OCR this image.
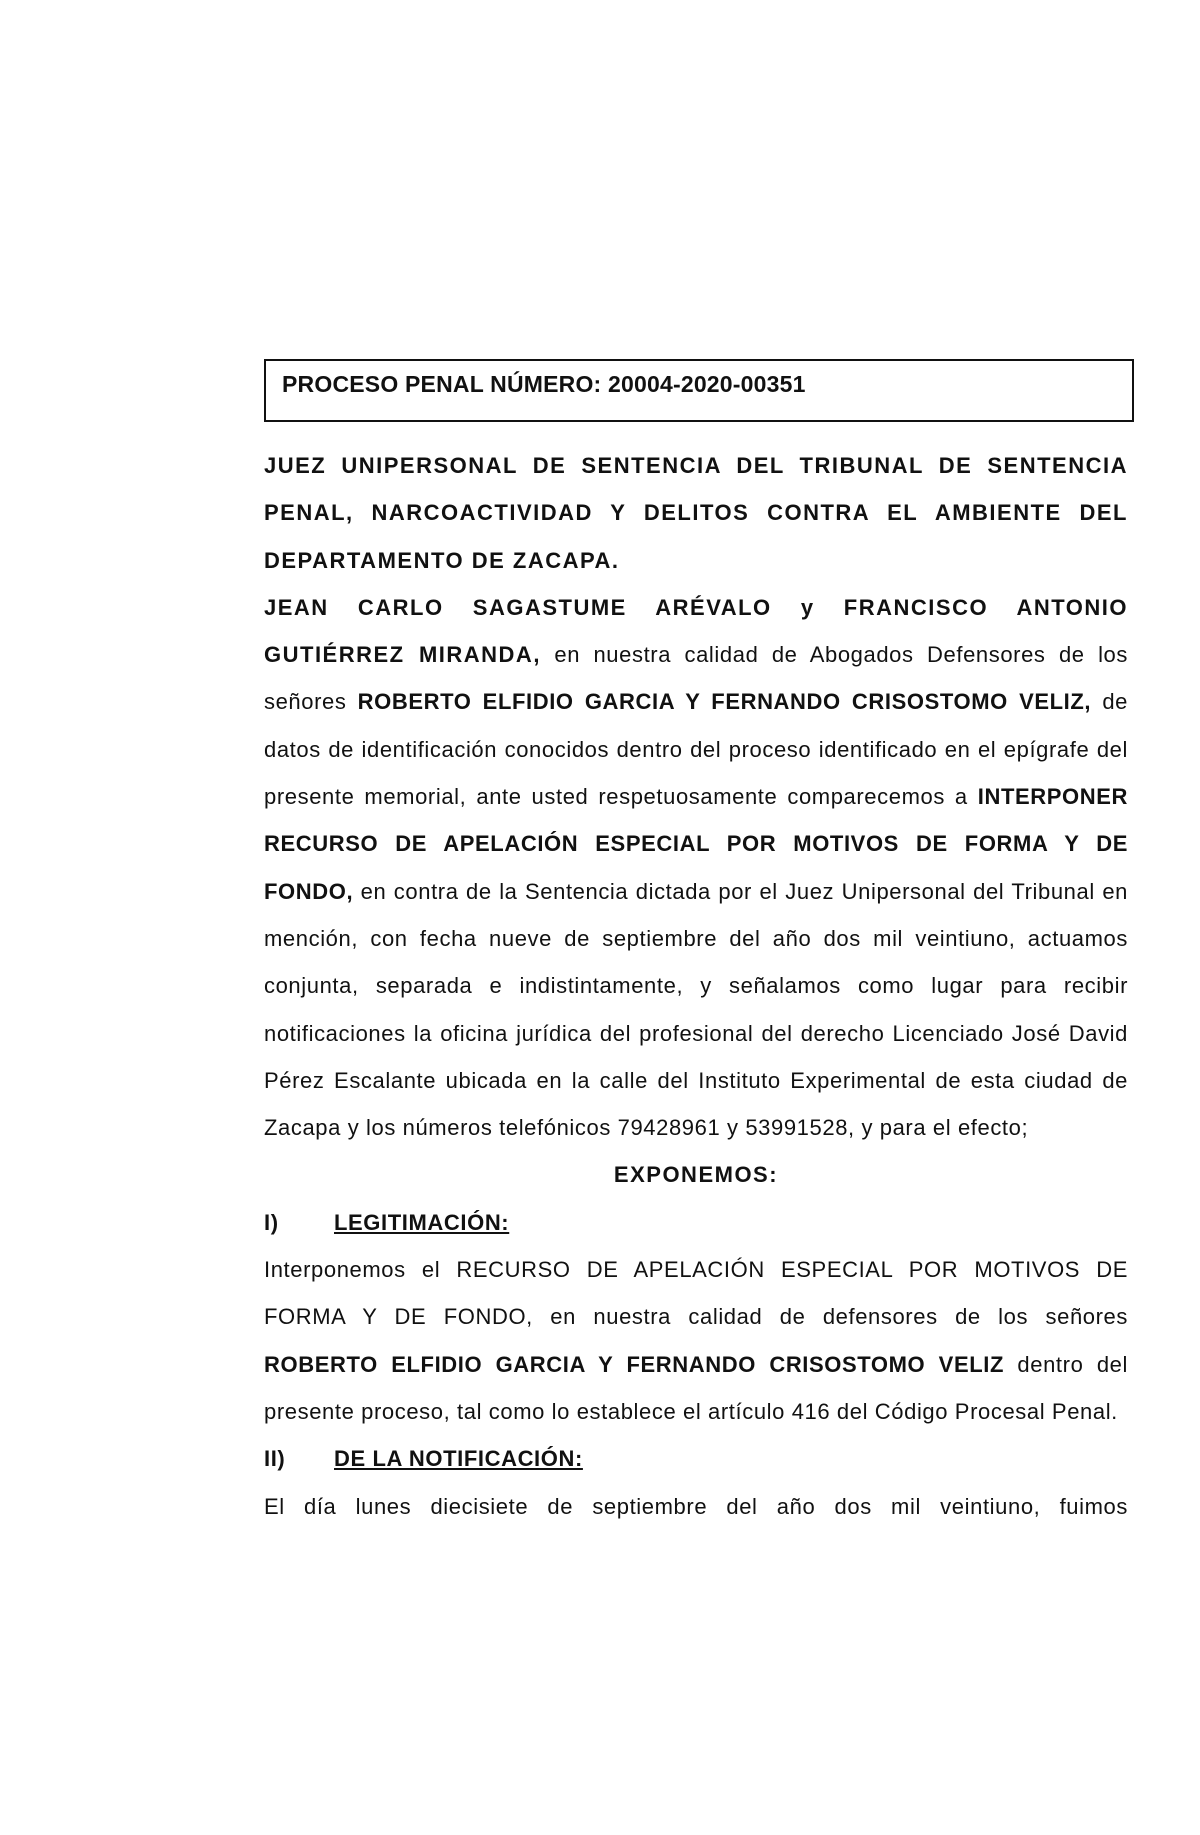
PROCESO PENAL NÚMERO: 20004-2020-00351

JUEZ UNIPERSONAL DE SENTENCIA DEL TRIBUNAL DE SENTENCIA PENAL, NARCOACTIVIDAD Y DELITOS CONTRA EL AMBIENTE DEL DEPARTAMENTO DE ZACAPA.

JEAN CARLO SAGASTUME ARÉVALO y FRANCISCO ANTONIO GUTIÉRREZ MIRANDA, en nuestra calidad de Abogados Defensores de los señores ROBERTO ELFIDIO GARCIA Y FERNANDO CRISOSTOMO VELIZ, de datos de identificación conocidos dentro del proceso identificado en el epígrafe del presente memorial, ante usted respetuosamente comparecemos a INTERPONER RECURSO DE APELACIÓN ESPECIAL POR MOTIVOS DE FORMA Y DE FONDO, en contra de la Sentencia dictada por el Juez Unipersonal del Tribunal en mención, con fecha nueve de septiembre del año dos mil veintiuno, actuamos conjunta, separada e indistintamente, y señalamos como lugar para recibir notificaciones la oficina jurídica del profesional del derecho Licenciado José David Pérez Escalante ubicada en la calle del Instituto Experimental de esta ciudad de Zacapa y los números telefónicos 79428961 y 53991528, y para el efecto;

EXPONEMOS:

I)	LEGITIMACIÓN:

Interponemos el RECURSO DE APELACIÓN ESPECIAL POR MOTIVOS DE FORMA Y DE FONDO, en nuestra calidad de defensores de los señores ROBERTO ELFIDIO GARCIA Y FERNANDO CRISOSTOMO VELIZ dentro del presente proceso, tal como lo establece el artículo 416 del Código Procesal Penal.

II)	DE LA NOTIFICACIÓN:

El día lunes diecisiete de septiembre del año dos mil veintiuno, fuimos
